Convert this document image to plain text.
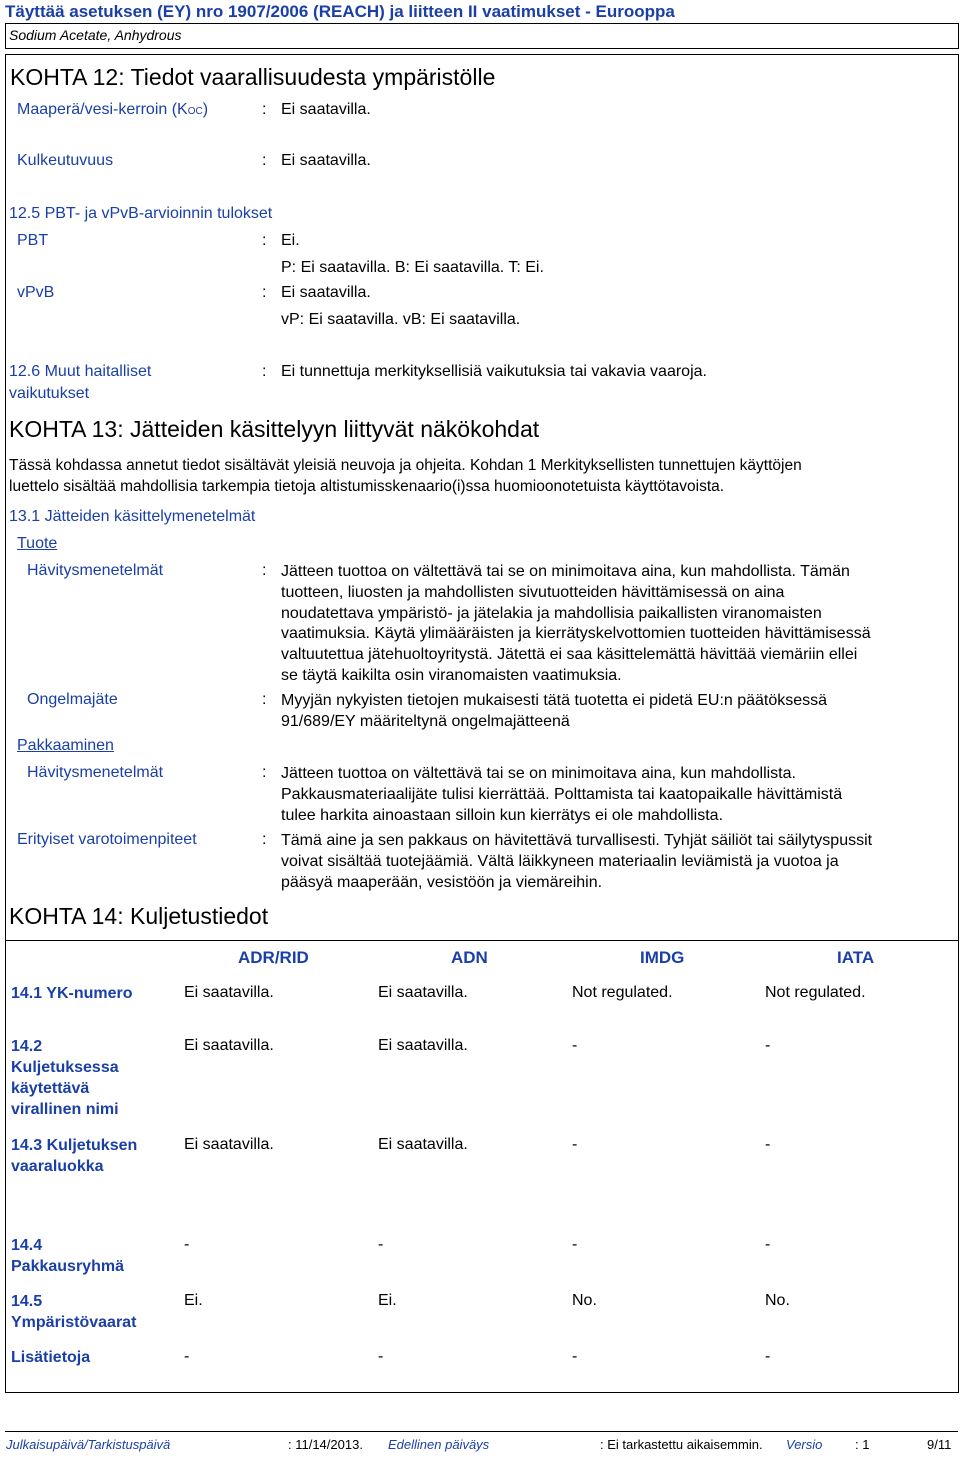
Täyttää asetuksen (EY) nro 1907/2006 (REACH) ja liitteen II vaatimukset - Eurooppa
Sodium Acetate, Anhydrous
KOHTA 12: Tiedot vaarallisuudesta ympäristölle
Maaperä/vesi-kerroin (KOC)	: Ei saatavilla.
Kulkeutuvuus	: Ei saatavilla.
12.5 PBT- ja vPvB-arvioinnin tulokset
PBT	: Ei.
P: Ei saatavilla. B: Ei saatavilla. T: Ei.
vPvB	: Ei saatavilla.
vP: Ei saatavilla. vB: Ei saatavilla.
12.6 Muut haitalliset
vaikutukset
: Ei tunnettuja merkityksellisiä vaikutuksia tai vakavia vaaroja.
KOHTA 13: Jätteiden käsittelyyn liittyvät näkökohdat
Tässä kohdassa annetut tiedot sisältävät yleisiä neuvoja ja ohjeita. Kohdan 1 Merkityksellisten tunnettujen käyttöjen
luettelo sisältää mahdollisia tarkempia tietoja altistumisskenaario(i)ssa huomioonotetuista käyttötavoista.
13.1 Jätteiden käsittelymenetelmät
Tuote
Hävitysmenetelmät	: Jätteen tuottoa on vältettävä tai se on minimoitava aina, kun mahdollista. Tämän
tuotteen, liuosten ja mahdollisten sivutuotteiden hävittämisessä on aina
noudatettava ympäristö- ja jätelakia ja mahdollisia paikallisten viranomaisten
vaatimuksia. Käytä ylimääräisten ja kierrätyskelvottomien tuotteiden hävittämisessä
valtuutettua jätehuoltoyritystä. Jätettä ei saa käsittelemättä hävittää viemäriin ellei
se täytä kaikilta osin viranomaisten vaatimuksia.
Ongelmajäte	: Myyjän nykyisten tietojen mukaisesti tätä tuotetta ei pidetä EU:n päätöksessä
91/689/EY määriteltynä ongelmajätteenä
Pakkaaminen
Hävitysmenetelmät	: Jätteen tuottoa on vältettävä tai se on minimoitava aina, kun mahdollista.
Pakkausmateriaalijäte tulisi kierrättää. Polttamista tai kaatopaikalle hävittämistä
tulee harkita ainoastaan silloin kun kierrätys ei ole mahdollista.
Erityiset varotoimenpiteet	: Tämä aine ja sen pakkaus on hävitettävä turvallisesti. Tyhjät säiliöt tai säilytyspussit
voivat sisältää tuotejäämiä. Vältä läikkyneen materiaalin leviämistä ja vuotoa ja
pääsyä maaperään, vesistöön ja viemäreihin.
KOHTA 14: Kuljetustiedot
ADR/RID	ADN	IMDG	IATA
14.1 YK-numero	Ei saatavilla.	Ei saatavilla.	Not regulated.	Not regulated.
14.2
Kuljetuksessa
käytettävä
virallinen nimi
Ei saatavilla.	Ei saatavilla.	-	-
14.3 Kuljetuksen
vaaraluokka
Ei saatavilla.	Ei saatavilla.	-	-
14.4
Pakkausryhmä
-	-	-	-
14.5
Ympäristövaarat
Ei.	Ei.	No.	No.
Lisätietoja	-	-	-	-
Julkaisupäivä/Tarkistuspäivä	: 11/14/2013. Edellinen päiväys	: Ei tarkastettu aikaisemmin. Versio	: 1	9/11
